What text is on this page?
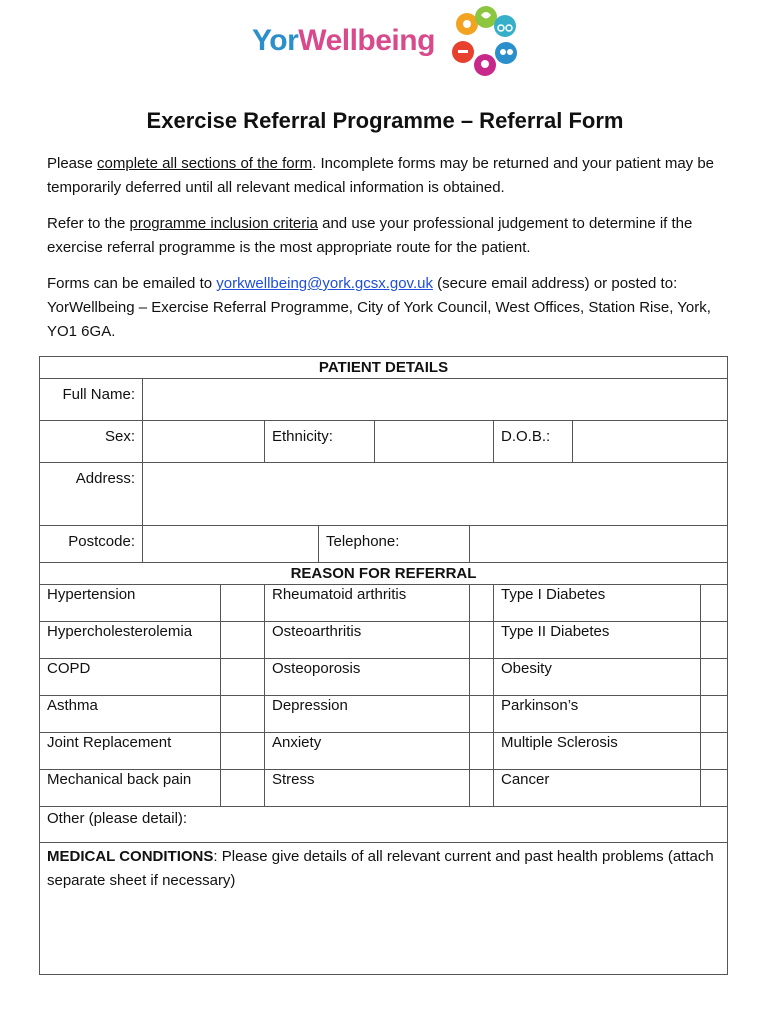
YorWellbeing
Exercise Referral Programme – Referral Form
Please complete all sections of the form. Incomplete forms may be returned and your patient may be temporarily deferred until all relevant medical information is obtained.
Refer to the programme inclusion criteria and use your professional judgement to determine if the exercise referral programme is the most appropriate route for the patient.
Forms can be emailed to yorkwellbeing@york.gcsx.gov.uk (secure email address) or posted to: YorWellbeing – Exercise Referral Programme, City of York Council, West Offices, Station Rise, York, YO1 6GA.
PATIENT DETAILS									
Full Name:									
Sex:			Ethnicity:				D.O.B.:		
Address:									
Postcode:				Telephone:					
REASON FOR REFERRAL									
Hypertension			Rheumatoid arthritis				Type I Diabetes		
Hypercholesterolemia			Osteoarthritis				Type II Diabetes		
COPD			Osteoporosis				Obesity		
Asthma			Depression				Parkinson’s		
Joint Replacement			Anxiety				Multiple Sclerosis		
Mechanical back pain			Stress				Cancer		
Other (please detail):									
MEDICAL CONDITIONS: Please give details of all relevant current and past health problems (attach separate sheet if necessary)									
